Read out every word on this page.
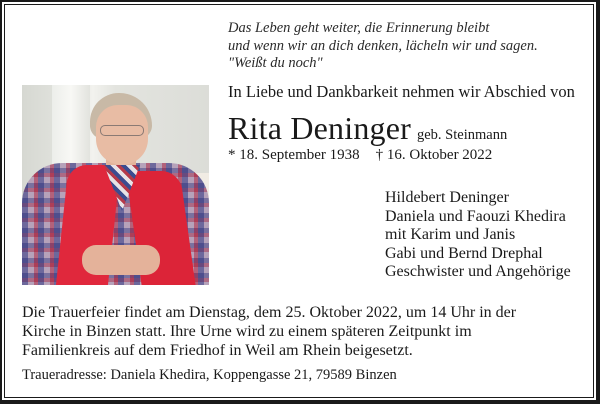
Das Leben geht weiter, die Erinnerung bleibt
und wenn wir an dich denken, lächeln wir und sagen.
"Weißt du noch"
In Liebe und Dankbarkeit nehmen wir Abschied von
Rita Deninger geb. Steinmann
* 18. September 1938 † 16. Oktober 2022
Hildebert Deninger
Daniela und Faouzi Khedira
mit Karim und Janis
Gabi und Bernd Drephal
Geschwister und Angehörige
Die Trauerfeier findet am Dienstag, dem 25. Oktober 2022, um 14 Uhr in der
Kirche in Binzen statt. Ihre Urne wird zu einem späteren Zeitpunkt im
Familienkreis auf dem Friedhof in Weil am Rhein beigesetzt.
Traueradresse: Daniela Khedira, Koppengasse 21, 79589 Binzen
